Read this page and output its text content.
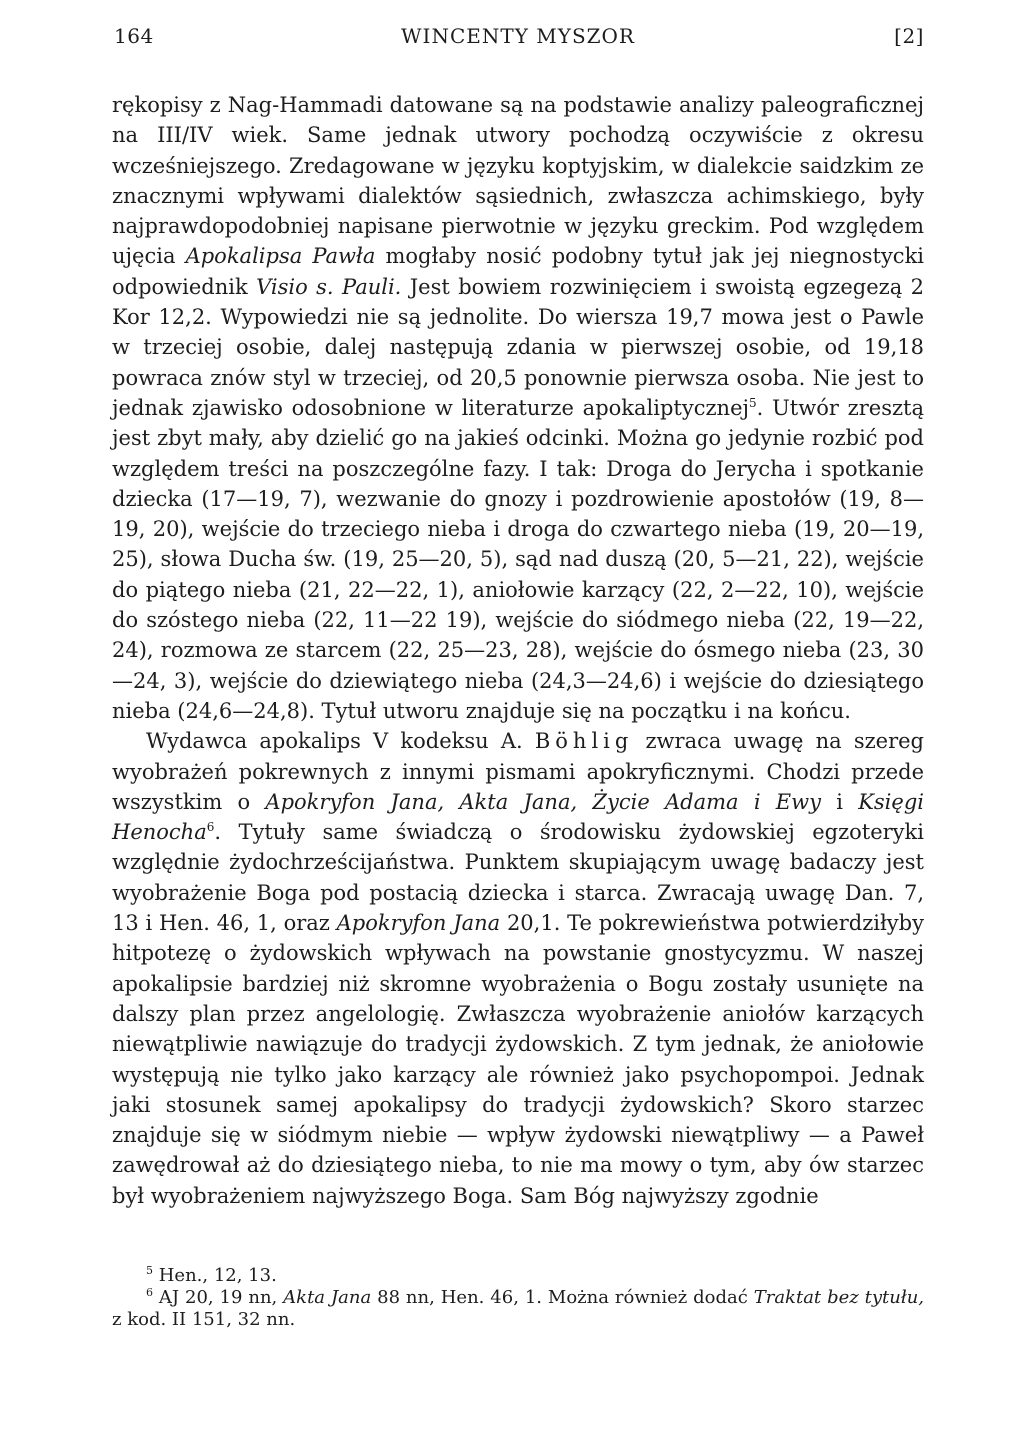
164	WINCENTY MYSZOR	[2]

rękopisy z Nag-Hammadi datowane są na podstawie analizy paleograficznej na III/IV wiek. Same jednak utwory pochodzą oczywiście z okresu wcześniejszego. Zredagowane w języku koptyjskim, w dialekcie saidzkim ze znacznymi wpływami dialektów sąsiednich, zwłaszcza achimskiego, były najprawdopodobniej napisane pierwotnie w języku greckim. Pod względem ujęcia Apokalipsa Pawła mogłaby nosić podobny tytuł jak jej niegnostycki odpowiednik Visio s. Pauli. Jest bowiem rozwinięciem i swoistą egzegezą 2 Kor 12,2. Wypowiedzi nie są jednolite. Do wiersza 19,7 mowa jest o Pawle w trzeciej osobie, dalej następują zdania w pierwszej osobie, od 19,18 powraca znów styl w trzeciej, od 20,5 ponownie pierwsza osoba. Nie jest to jednak zjawisko odosobnione w literaturze apokaliptycznej$^5$. Utwór zresztą jest zbyt mały, aby dzielić go na jakieś odcinki. Można go jedynie rozbić pod względem treści na poszczególne fazy. I tak: Droga do Jerycha i spotkanie dziecka (17—19, 7), wezwanie do gnozy i pozdrowienie apostołów (19, 8—19, 20), wejście do trzeciego nieba i droga do czwartego nieba (19, 20—19, 25), słowa Ducha św. (19, 25—20, 5), sąd nad duszą (20, 5—21, 22), wejście do piątego nieba (21, 22—22, 1), aniołowie karzący (22, 2—22, 10), wejście do szóstego nieba (22, 11—22 19), wejście do siódmego nieba (22, 19—22, 24), rozmowa ze starcem (22, 25—23, 28), wejście do ósmego nieba (23, 30—24, 3), wejście do dziewiątego nieba (24,3—24,6) i wejście do dziesiątego nieba (24,6—24,8). Tytuł utworu znajduje się na początku i na końcu.

Wydawca apokalips V kodeksu A. Böhlig zwraca uwagę na szereg wyobrażeń pokrewnych z innymi pismami apokryficznymi. Chodzi przede wszystkim o Apokryfon Jana, Akta Jana, Życie Adama i Ewy i Księgi Henocha$^6$. Tytuły same świadczą o środowisku żydowskiej egzoteryki względnie żydochrześcijaństwa. Punktem skupiającym uwagę badaczy jest wyobrażenie Boga pod postacią dziecka i starca. Zwracają uwagę Dan. 7, 13 i Hen. 46, 1, oraz Apokryfon Jana 20,1. Te pokrewieństwa potwierdziłyby hitpotezę o żydowskich wpływach na powstanie gnostycyzmu. W naszej apokalipsie bardziej niż skromne wyobrażenia o Bogu zostały usunięte na dalszy plan przez angelologię. Zwłaszcza wyobrażenie aniołów karzących niewątpliwie nawiązuje do tradycji żydowskich. Z tym jednak, że aniołowie występują nie tylko jako karzący ale również jako psychopompoi. Jednak jaki stosunek samej apokalipsy do tradycji żydowskich? Skoro starzec znajduje się w siódmym niebie — wpływ żydowski niewątpliwy — a Paweł zawędrował aż do dziesiątego nieba, to nie ma mowy o tym, aby ów starzec był wyobrażeniem najwyższego Boga. Sam Bóg najwyższy zgodnie

$^5$ Hen., 12, 13.

$^6$ AJ 20, 19 nn, Akta Jana 88 nn, Hen. 46, 1. Można również dodać Traktat bez tytułu, z kod. II 151, 32 nn.
